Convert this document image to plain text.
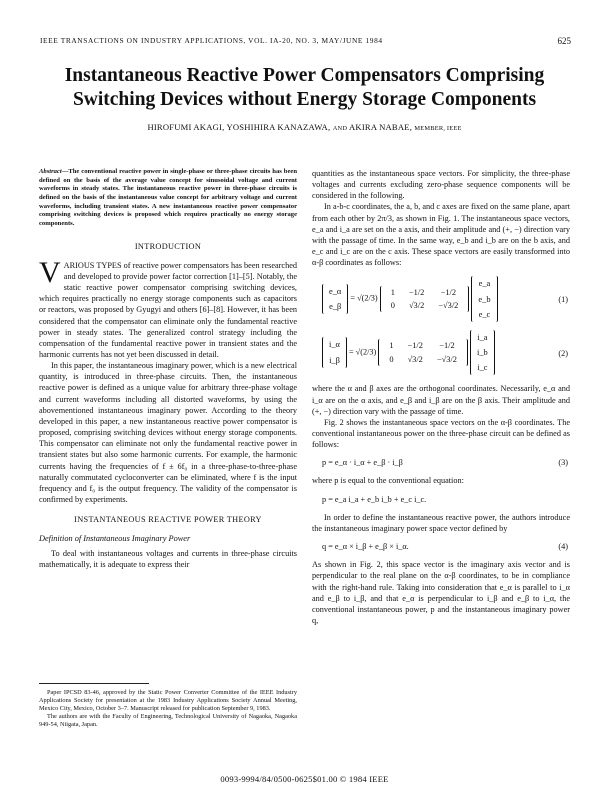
IEEE TRANSACTIONS ON INDUSTRY APPLICATIONS, VOL. IA-20, NO. 3, MAY/JUNE 1984	625
Instantaneous Reactive Power Compensators Comprising
Switching Devices without Energy Storage Components
HIROFUMI AKAGI, YOSHIHIRA KANAZAWA, AND AKIRA NABAE, MEMBER, IEEE

Abstract—The conventional reactive power in single-phase or three-phase circuits has been defined on the basis of the average value concept for sinusoidal voltage and current waveforms in steady states. The instantaneous reactive power in three-phase circuits is defined on the basis of the instantaneous value concept for arbitrary voltage and current waveforms, including transient states. A new instantaneous reactive power compensator comprising switching devices is proposed which requires practically no energy storage components.

INTRODUCTION

VARIOUS TYPES of reactive power compensators has been researched and developed to provide power factor correction [1]–[5]. Notably, the static reactive power compensator comprising switching devices, which requires practically no energy storage components such as capacitors or reactors, was proposed by Gyugyi and others [6]–[8]. However, it has been considered that the compensator can eliminate only the fundamental reactive power in steady states. The generalized control strategy including the compensation of the fundamental reactive power in transient states and the harmonic currents has not yet been discussed in detail.

In this paper, the instantaneous imaginary power, which is a new electrical quantity, is introduced in three-phase circuits. Then, the instantaneous reactive power is defined as a unique value for arbitrary three-phase voltage and current waveforms including all distorted waveforms, by using the abovementioned instantaneous imaginary power. According to the theory developed in this paper, a new instantaneous reactive power compensator is proposed, comprising switching devices without energy storage components. This compensator can eliminate not only the fundamental reactive power in transient states but also some harmonic currents. For example, the harmonic currents having the frequencies of f ± 6f₀ in a three-phase-to-three-phase naturally commutated cycloconverter can be eliminated, where f is the input frequency and f₀ is the output frequency. The validity of the compensator is confirmed by experiments.

INSTANTANEOUS REACTIVE POWER THEORY
Definition of Instantaneous Imaginary Power

To deal with instantaneous voltages and currents in three-phase circuits mathematically, it is adequate to express their

Paper IPCSD 83-46, approved by the Static Power Converter Committee of the IEEE Industry Applications Society for presentation at the 1983 Industry Applications Society Annual Meeting, Mexico City, Mexico, October 3–7. Manuscript released for publication September 9, 1983.

The authors are with the Faculty of Engineering, Technological University of Nagaoka, Nagaoka 949-54, Niigata, Japan.

quantities as the instantaneous space vectors. For simplicity, the three-phase voltages and currents excluding zero-phase sequence components will be considered in the following.

In a-b-c coordinates, the a, b, and c axes are fixed on the same plane, apart from each other by 2π/3, as shown in Fig. 1. The instantaneous space vectors, e_a and i_a are set on the a axis, and their amplitude and (+, −) direction vary with the passage of time. In the same way, e_b and i_b are on the b axis, and e_c and i_c are on the c axis. These space vectors are easily transformed into α-β coordinates as follows:

e_α
e_β
= √(2/3)
1	−1/2	−1/2
0	√3/2	−√3/2

e_a
e_b
e_c
(1)
i_α
i_β
= √(2/3)
1	−1/2	−1/2
0	√3/2	−√3/2

i_a
i_b
i_c
(2)

where the α and β axes are the orthogonal coordinates. Necessarily, e_α and i_α are on the α axis, and e_β and i_β are on the β axis. Their amplitude and (+, −) direction vary with the passage of time.

Fig. 2 shows the instantaneous space vectors on the α-β coordinates. The conventional instantaneous power on the three-phase circuit can be defined as follows:

p = e_α · i_α + e_β · i_β	(3)

where p is equal to the conventional equation:

p = e_a i_a + e_b i_b + e_c i_c.

In order to define the instantaneous reactive power, the authors introduce the instantaneous imaginary power space vector defined by

q = e_α × i_β + e_β × i_α.	(4)

As shown in Fig. 2, this space vector is the imaginary axis vector and is perpendicular to the real plane on the α-β coordinates, to be in compliance with the right-hand rule. Taking into consideration that e_α is parallel to i_α and e_β to i_β, and that e_α is perpendicular to i_β and e_β to i_α, the conventional instantaneous power, p and the instantaneous imaginary power q,

0093-9994/84/0500-0625$01.00 © 1984 IEEE
